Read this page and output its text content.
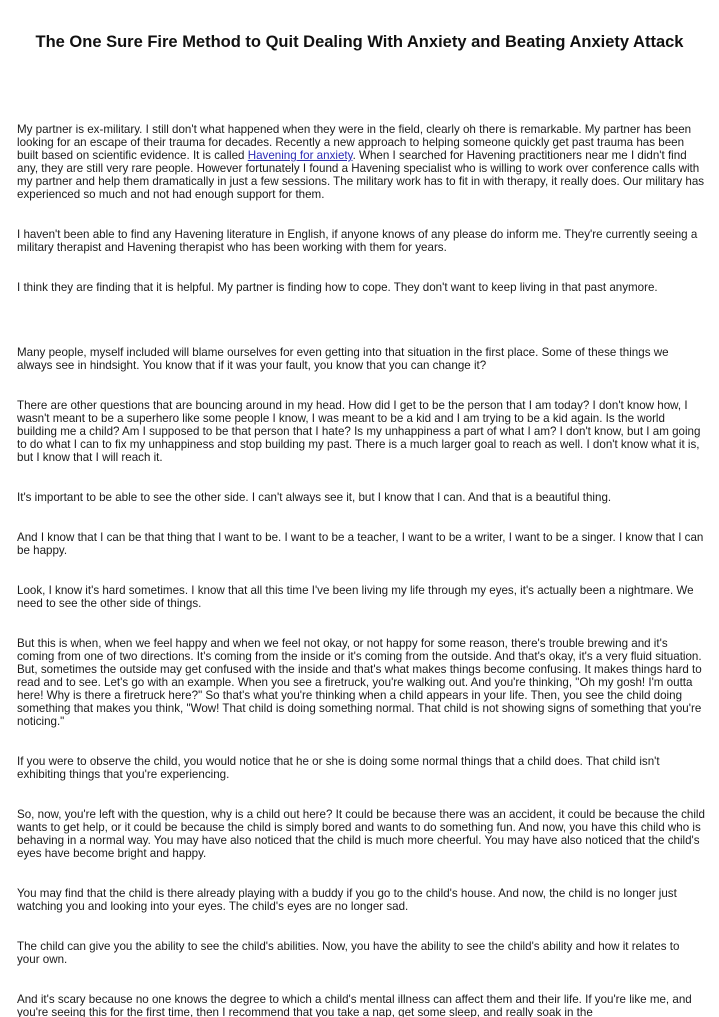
The One Sure Fire Method to Quit Dealing With Anxiety and Beating Anxiety Attack

My partner is ex-military. I still don't what happened when they were in the field, clearly oh there is remarkable. My partner has been looking for an escape of their trauma for decades. Recently a new approach to helping someone quickly get past trauma has been built based on scientific evidence. It is called Havening for anxiety. When I searched for Havening practitioners near me I didn't find any, they are still very rare people. However fortunately I found a Havening specialist who is willing to work over conference calls with my partner and help them dramatically in just a few sessions. The military work has to fit in with therapy, it really does. Our military has experienced so much and not had enough support for them.

I haven't been able to find any Havening literature in English, if anyone knows of any please do inform me. They're currently seeing a military therapist and Havening therapist who has been working with them for years.

I think they are finding that it is helpful. My partner is finding how to cope. They don't want to keep living in that past anymore.

Many people, myself included will blame ourselves for even getting into that situation in the first place. Some of these things we always see in hindsight. You know that if it was your fault, you know that you can change it?

There are other questions that are bouncing around in my head. How did I get to be the person that I am today? I don't know how, I wasn't meant to be a superhero like some people I know, I was meant to be a kid and I am trying to be a kid again. Is the world building me a child? Am I supposed to be that person that I hate? Is my unhappiness a part of what I am? I don't know, but I am going to do what I can to fix my unhappiness and stop building my past. There is a much larger goal to reach as well. I don't know what it is, but I know that I will reach it.

It's important to be able to see the other side. I can't always see it, but I know that I can. And that is a beautiful thing.

And I know that I can be that thing that I want to be. I want to be a teacher, I want to be a writer, I want to be a singer. I know that I can be happy.

Look, I know it's hard sometimes. I know that all this time I've been living my life through my eyes, it's actually been a nightmare. We need to see the other side of things.

But this is when, when we feel happy and when we feel not okay, or not happy for some reason, there's trouble brewing and it's coming from one of two directions. It's coming from the inside or it's coming from the outside. And that's okay, it's a very fluid situation. But, sometimes the outside may get confused with the inside and that's what makes things become confusing. It makes things hard to read and to see. Let's go with an example. When you see a firetruck, you're walking out. And you're thinking, "Oh my gosh! I'm outta here! Why is there a firetruck here?" So that's what you're thinking when a child appears in your life. Then, you see the child doing something that makes you think, "Wow! That child is doing something normal. That child is not showing signs of something that you're noticing."

If you were to observe the child, you would notice that he or she is doing some normal things that a child does. That child isn't exhibiting things that you're experiencing.

So, now, you're left with the question, why is a child out here? It could be because there was an accident, it could be because the child wants to get help, or it could be because the child is simply bored and wants to do something fun. And now, you have this child who is behaving in a normal way. You may have also noticed that the child is much more cheerful. You may have also noticed that the child's eyes have become bright and happy.

You may find that the child is there already playing with a buddy if you go to the child's house. And now, the child is no longer just watching you and looking into your eyes. The child's eyes are no longer sad.

The child can give you the ability to see the child's abilities. Now, you have the ability to see the child's ability and how it relates to your own.

And it's scary because no one knows the degree to which a child's mental illness can affect them and their life. If you're like me, and you're seeing this for the first time, then I recommend that you take a nap, get some sleep, and really soak in the
